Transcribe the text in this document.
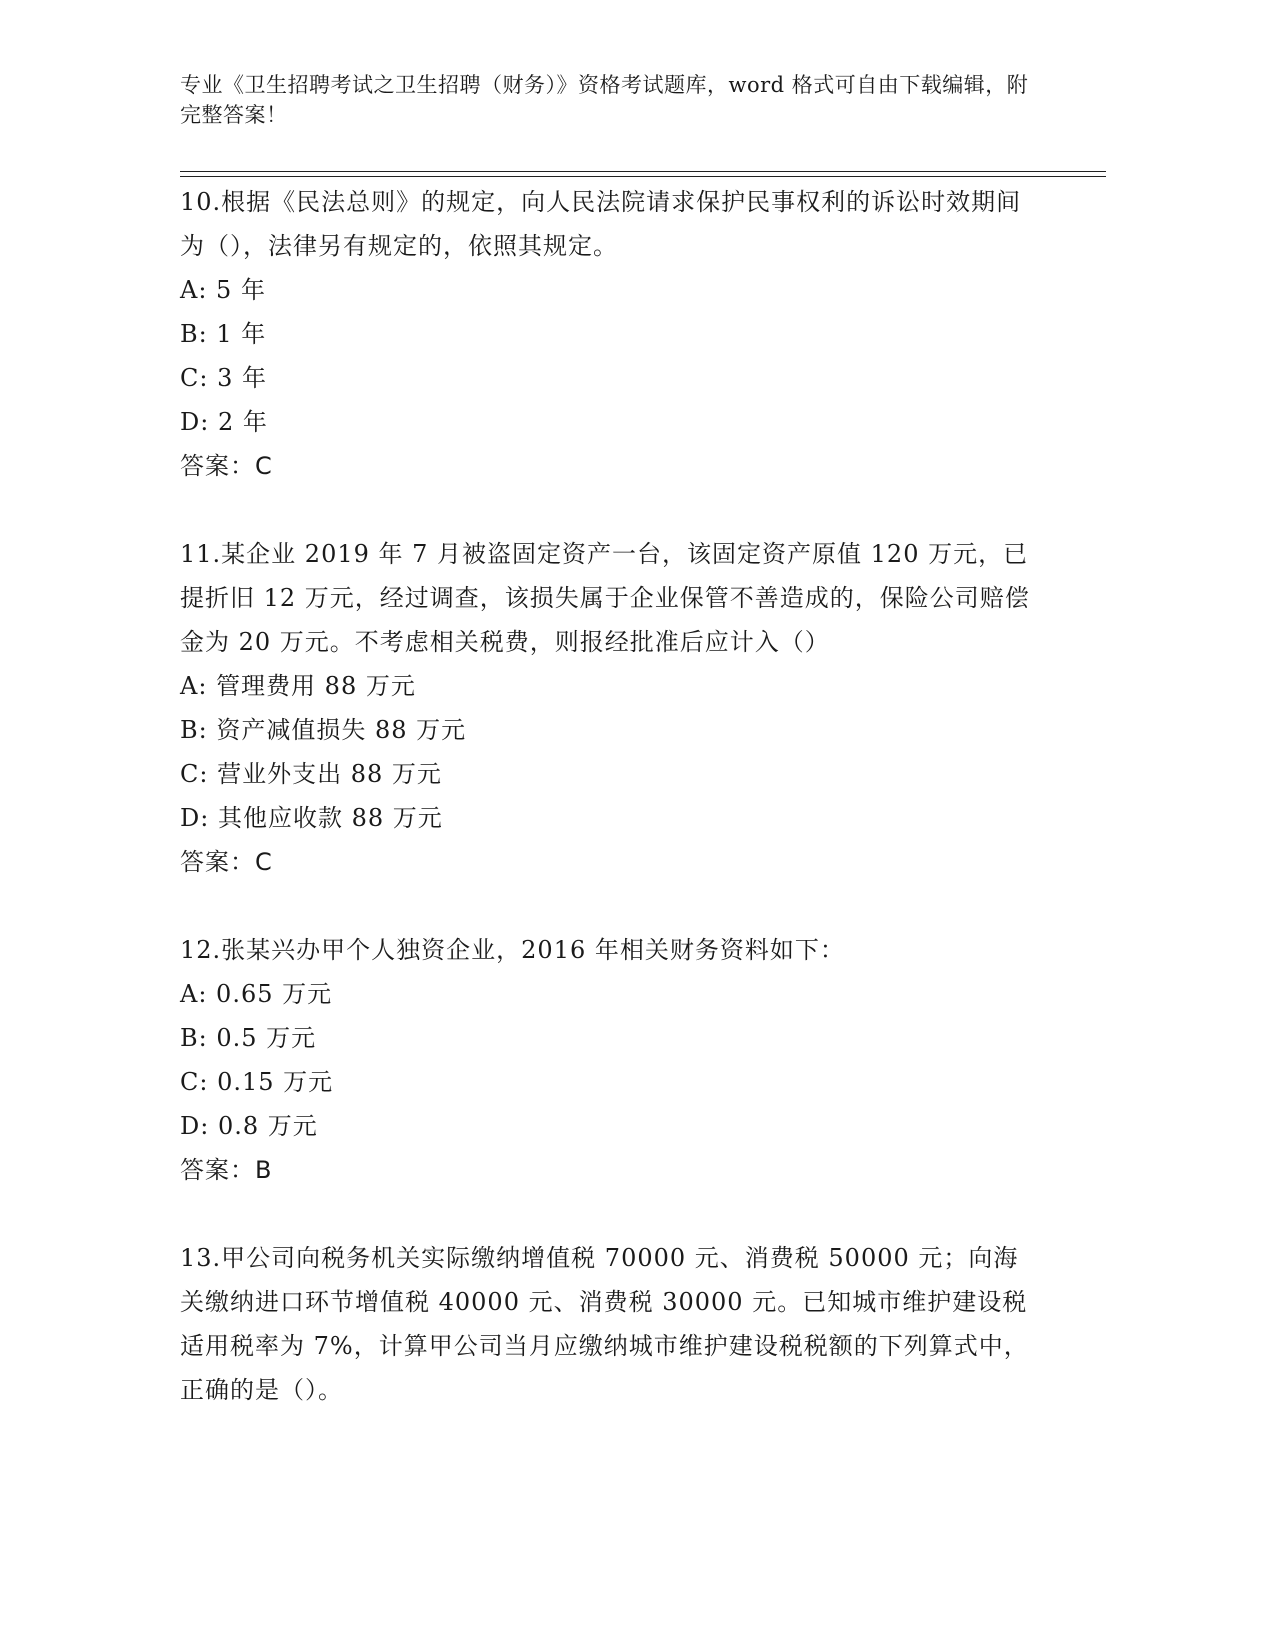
专业《卫生招聘考试之卫生招聘（财务）》资格考试题库，word 格式可自由下载编辑，附完整答案！
10.根据《民法总则》的规定，向人民法院请求保护民事权利的诉讼时效期间为（），法律另有规定的，依照其规定。
A: 5 年
B: 1 年
C: 3 年
D: 2 年
答案：C
11.某企业 2019 年 7 月被盗固定资产一台，该固定资产原值 120 万元，已提折旧 12 万元，经过调查，该损失属于企业保管不善造成的，保险公司赔偿金为 20 万元。不考虑相关税费，则报经批准后应计入（）
A: 管理费用 88 万元
B: 资产减值损失 88 万元
C: 营业外支出 88 万元
D: 其他应收款 88 万元
答案：C
12.张某兴办甲个人独资企业，2016 年相关财务资料如下：
A: 0.65 万元
B: 0.5 万元
C: 0.15 万元
D: 0.8 万元
答案：B
13.甲公司向税务机关实际缴纳增值税 70000 元、消费税 50000 元；向海关缴纳进口环节增值税 40000 元、消费税 30000 元。已知城市维护建设税适用税率为 7%，计算甲公司当月应缴纳城市维护建设税税额的下列算式中，正确的是（）。
